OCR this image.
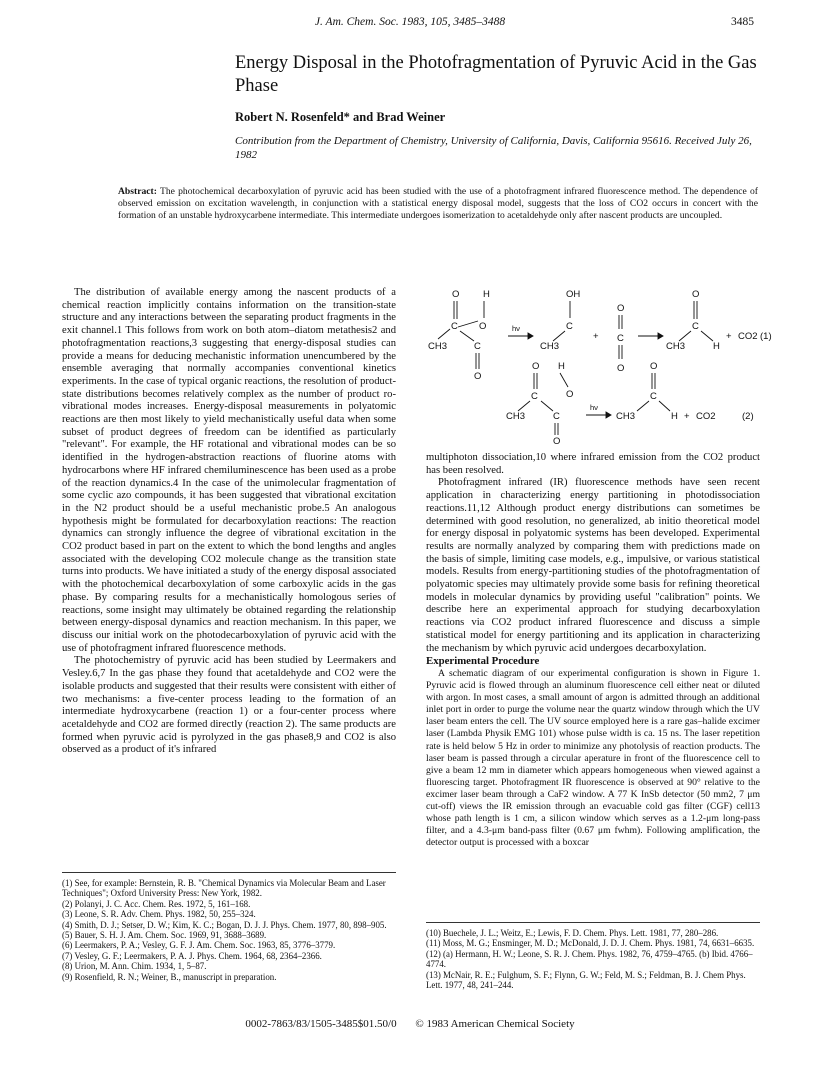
J. Am. Chem. Soc. 1983, 105, 3485–3488	3485
Energy Disposal in the Photofragmentation of Pyruvic Acid in the Gas Phase
Robert N. Rosenfeld* and Brad Weiner
Contribution from the Department of Chemistry, University of California, Davis, California 95616. Received July 26, 1982
Abstract: The photochemical decarboxylation of pyruvic acid has been studied with the use of a photofragment infrared fluorescence method. The dependence of observed emission on excitation wavelength, in conjunction with a statistical energy disposal model, suggests that the loss of CO2 occurs in concert with the formation of an unstable hydroxycarbene intermediate. This intermediate undergoes isomerization to acetaldehyde only after nascent products are uncoupled.

The distribution of available energy among the nascent products of a chemical reaction implicitly contains information on the transition-state structure and any interactions between the separating product fragments in the exit channel.1 This follows from work on both atom–diatom metathesis2 and photofragmentation reactions,3 suggesting that energy-disposal studies can provide a means for deducing mechanistic information unencumbered by the ensemble averaging that normally accompanies conventional kinetics experiments. In the case of typical organic reactions, the resolution of product-state distributions becomes relatively complex as the number of product ro-vibrational modes increases. Energy-disposal measurements in polyatomic reactions are then most likely to yield mechanistically useful data when some subset of product degrees of freedom can be identified as particularly "relevant". For example, the HF rotational and vibrational modes can be so identified in the hydrogen-abstraction reactions of fluorine atoms with hydrocarbons where HF infrared chemiluminescence has been used as a probe of the reaction dynamics.4 In the case of the unimolecular fragmentation of some cyclic azo compounds, it has been suggested that vibrational excitation in the N2 product should be a useful mechanistic probe.5 An analogous hypothesis might be formulated for decarboxylation reactions: The reaction dynamics can strongly influence the degree of vibrational excitation in the CO2 product based in part on the extent to which the bond lengths and angles associated with the developing CO2 molecule change as the transition state turns into products. We have initiated a study of the energy disposal associated with the photochemical decarboxylation of some carboxylic acids in the gas phase. By comparing results for a mechanistically homologous series of reactions, some insight may ultimately be obtained regarding the relationship between energy-disposal dynamics and reaction mechanism. In this paper, we discuss our initial work on the photodecarboxylation of pyruvic acid with the use of photofragment infrared fluorescence methods.

The photochemistry of pyruvic acid has been studied by Leermakers and Vesley.6,7 In the gas phase they found that acetaldehyde and CO2 were the isolable products and suggested that their results were consistent with either of two mechanisms: a five-center process leading to the formation of an intermediate hydroxycarbene (reaction 1) or a four-center process where acetaldehyde and CO2 are formed directly (reaction 2). The same products are formed when pyruvic acid is pyrolyzed in the gas phase8,9 and CO2 is also observed as a product of it's infrared

(1) See, for example: Bernstein, R. B. "Chemical Dynamics via Molecular Beam and Laser Techniques"; Oxford University Press: New York, 1982.
(2) Polanyi, J. C. Acc. Chem. Res. 1972, 5, 161–168.
(3) Leone, S. R. Adv. Chem. Phys. 1982, 50, 255–324.
(4) Smith, D. J.; Setser, D. W.; Kim, K. C.; Bogan, D. J. J. Phys. Chem. 1977, 80, 898–905.
(5) Bauer, S. H. J. Am. Chem. Soc. 1969, 91, 3688–3689.
(6) Leermakers, P. A.; Vesley, G. F. J. Am. Chem. Soc. 1963, 85, 3776–3779.
(7) Vesley, G. F.; Leermakers, P. A. J. Phys. Chem. 1964, 68, 2364–2366.
(8) Urion, M. Ann. Chim. 1934, 1, 5–87.
(9) Rosenfield, R. N.; Weiner, B., manuscript in preparation.
O H
C O
CH3	C
O
hν
OH
C
CH3
+
O
C
O
O
C
CH3	H
+ CO2 (1)
O H
C	O
CH3	C
O
hν
O
C
CH3	H + CO2	(2)

multiphoton dissociation,10 where infrared emission from the CO2 product has been resolved.

Photofragment infrared (IR) fluorescence methods have seen recent application in characterizing energy partitioning in photodissociation reactions.11,12 Although product energy distributions can sometimes be determined with good resolution, no generalized, ab initio theoretical model for energy disposal in polyatomic systems has been developed. Experimental results are normally analyzed by comparing them with predictions made on the basis of simple, limiting case models, e.g., impulsive, or various statistical models. Results from energy-partitioning studies of the photofragmentation of polyatomic species may ultimately provide some basis for refining theoretical models in molecular dynamics by providing useful "calibration" points. We describe here an experimental approach for studying decarboxylation reactions via CO2 product infrared fluorescence and discuss a simple statistical model for energy partitioning and its application in characterizing the mechanism by which pyruvic acid undergoes decarboxylation.

Experimental Procedure

A schematic diagram of our experimental configuration is shown in Figure 1. Pyruvic acid is flowed through an aluminum fluorescence cell either neat or diluted with argon. In most cases, a small amount of argon is admitted through an additional inlet port in order to purge the volume near the quartz window through which the UV laser beam enters the cell. The UV source employed here is a rare gas–halide excimer laser (Lambda Physik EMG 101) whose pulse width is ca. 15 ns. The laser repetition rate is held below 5 Hz in order to minimize any photolysis of reaction products. The laser beam is passed through a circular aperature in front of the fluorescence cell to give a beam 12 mm in diameter which appears homogeneous when viewed against a fluorescing target. Photofragment IR fluorescence is observed at 90° relative to the excimer laser beam through a CaF2 window. A 77 K InSb detector (50 mm2, 7 μm cut-off) views the IR emission through an evacuable cold gas filter (CGF) cell13 whose path length is 1 cm, a silicon window which serves as a 1.2-μm long-pass filter, and a 4.3-μm band-pass filter (0.67 μm fwhm). Following amplification, the detector output is processed with a boxcar

(10) Buechele, J. L.; Weitz, E.; Lewis, F. D. Chem. Phys. Lett. 1981, 77, 280–286.
(11) Moss, M. G.; Ensminger, M. D.; McDonald, J. D. J. Chem. Phys. 1981, 74, 6631–6635.
(12) (a) Hermann, H. W.; Leone, S. R. J. Chem. Phys. 1982, 76, 4759–4765. (b) Ibid. 4766–4774.
(13) McNair, R. E.; Fulghum, S. F.; Flynn, G. W.; Feld, M. S.; Feldman, B. J. Chem Phys. Lett. 1977, 48, 241–244.
0002-7863/83/1505-3485$01.50/0 © 1983 American Chemical Society
